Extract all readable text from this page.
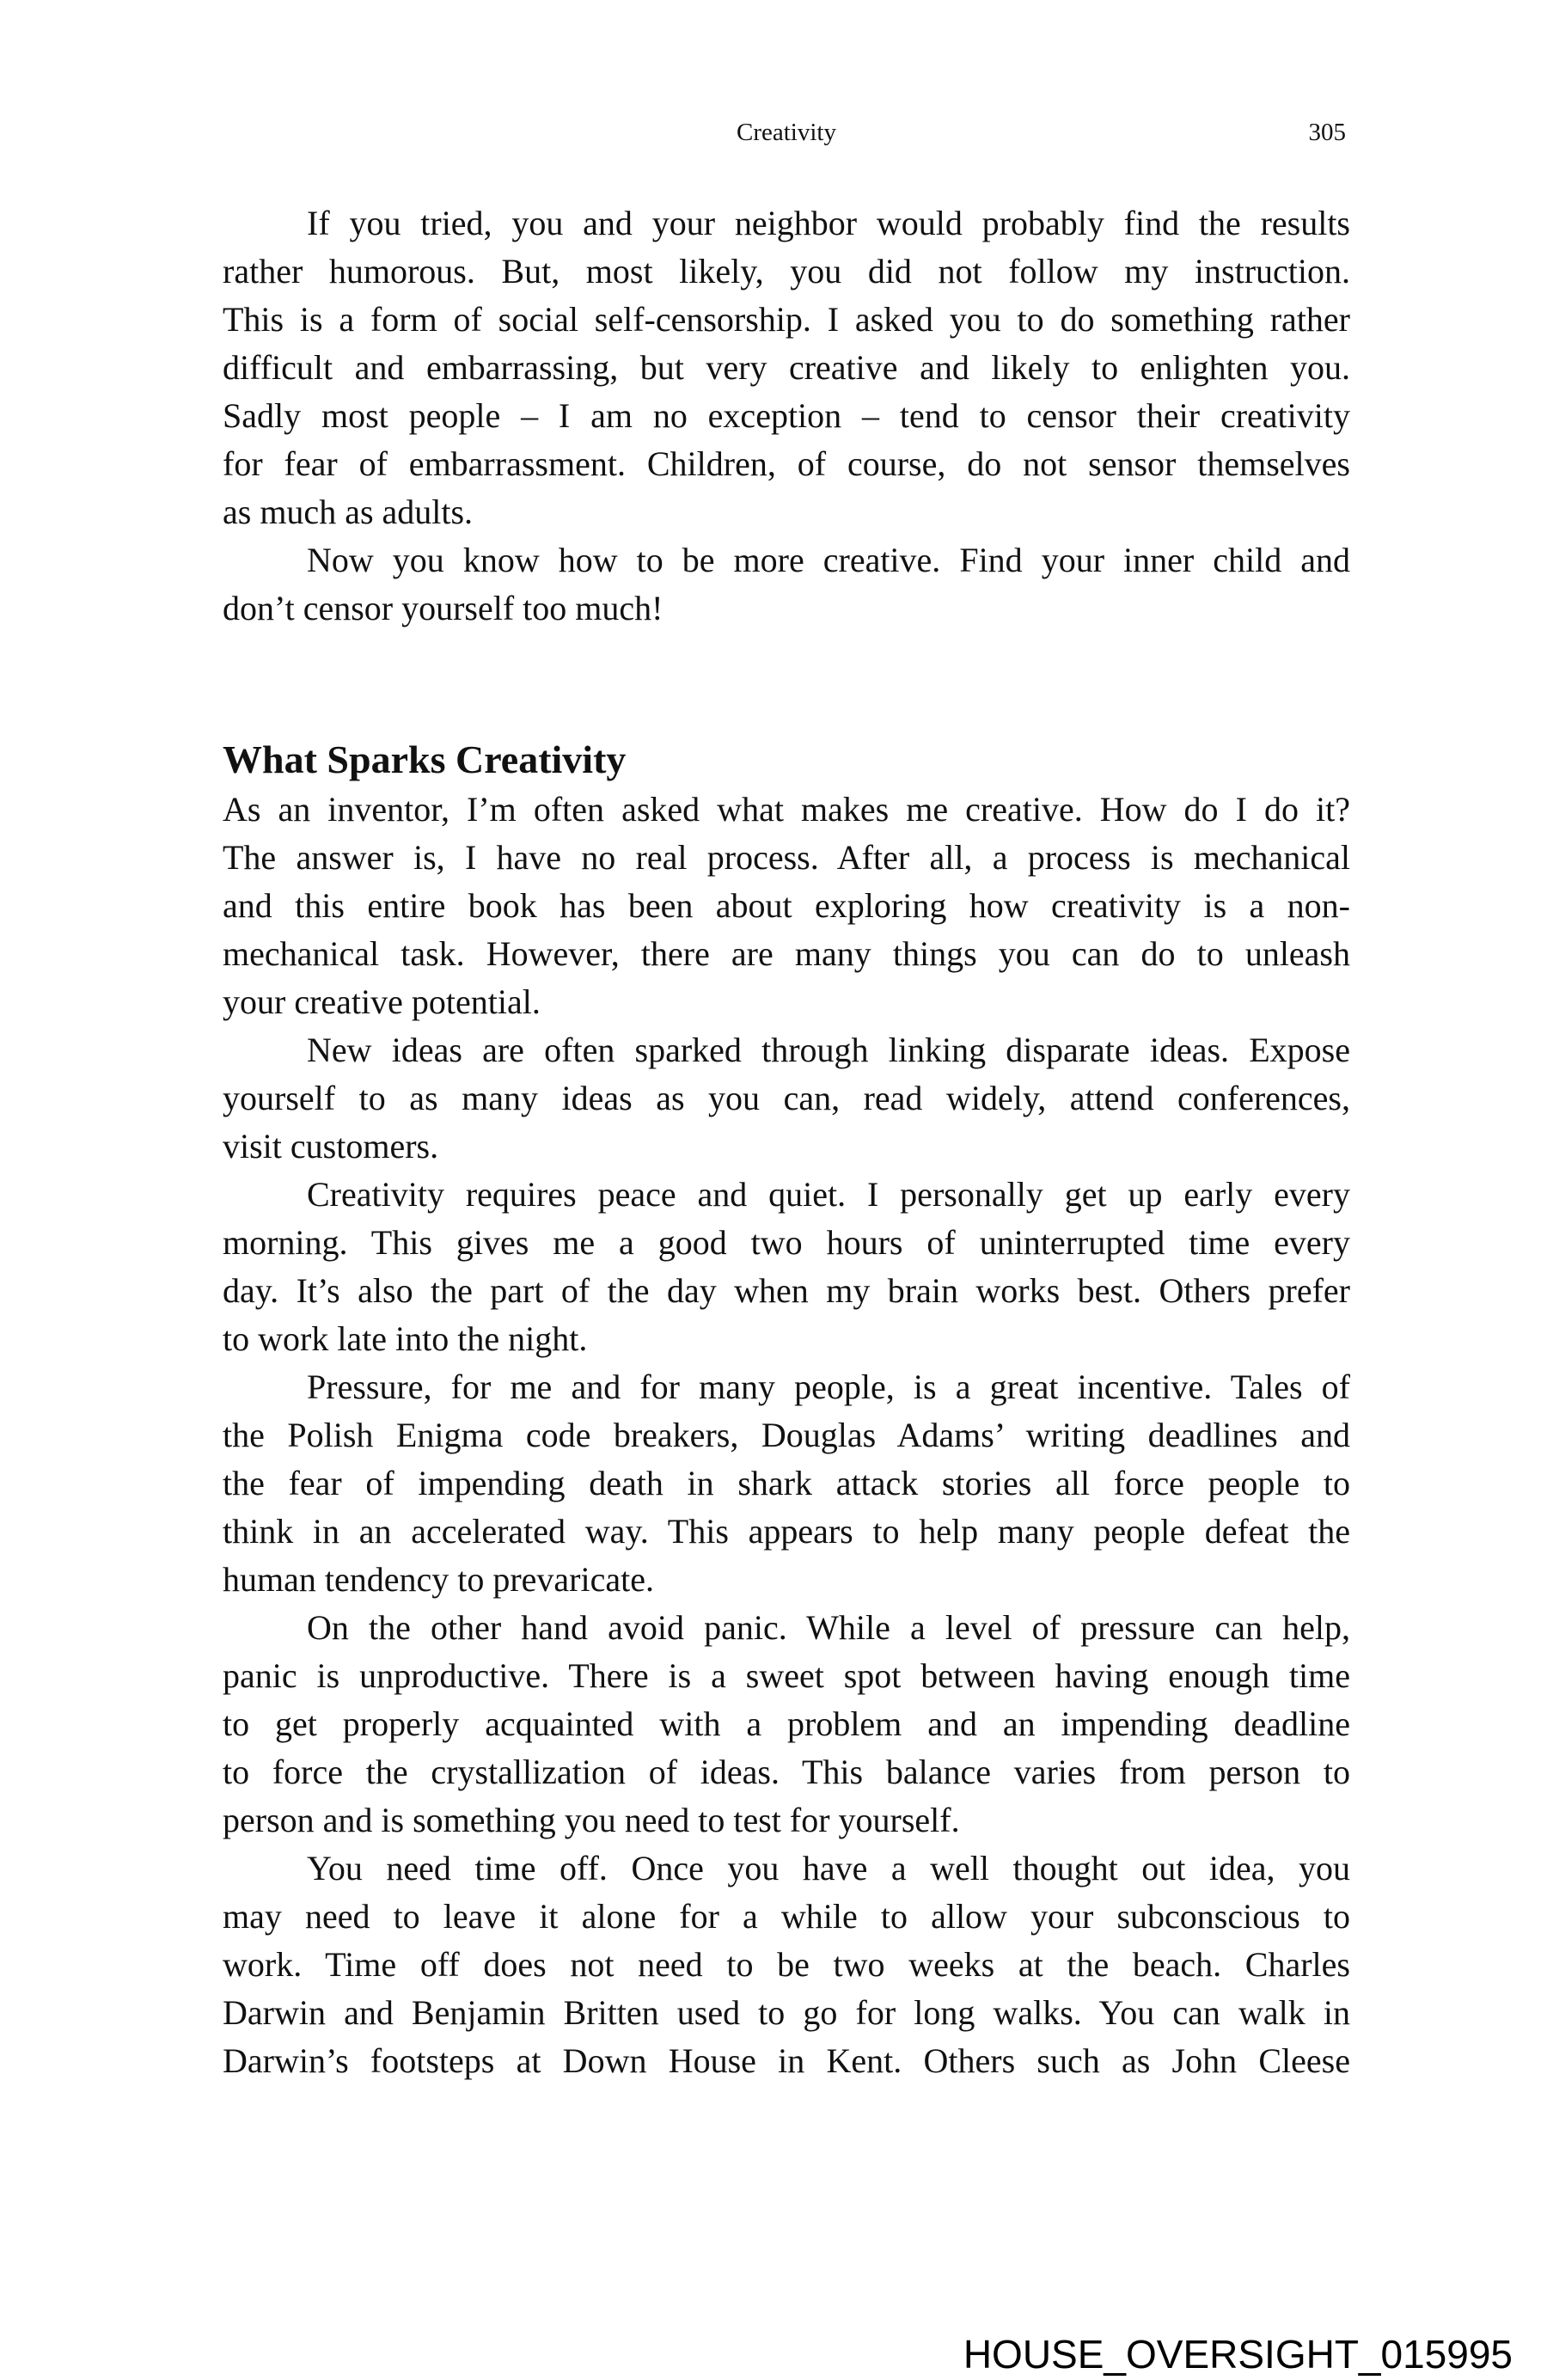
Creativity	305
If you tried, you and your neighbor would probably find the results
rather humorous. But, most likely, you did not follow my instruction.
This is a form of social self-censorship. I asked you to do something rather
difficult and embarrassing, but very creative and likely to enlighten you.
Sadly most people – I am no exception – tend to censor their creativity
for fear of embarrassment. Children, of course, do not sensor themselves
as much as adults.
Now you know how to be more creative. Find your inner child and
don’t censor yourself too much!
What Sparks Creativity
As an inventor, I’m often asked what makes me creative. How do I do it?
The answer is, I have no real process. After all, a process is mechanical
and this entire book has been about exploring how creativity is a non-
mechanical task. However, there are many things you can do to unleash
your creative potential.
New ideas are often sparked through linking disparate ideas. Expose
yourself to as many ideas as you can, read widely, attend conferences,
visit customers.
Creativity requires peace and quiet. I personally get up early every
morning. This gives me a good two hours of uninterrupted time every
day. It’s also the part of the day when my brain works best. Others prefer
to work late into the night.
Pressure, for me and for many people, is a great incentive. Tales of
the Polish Enigma code breakers, Douglas Adams’ writing deadlines and
the fear of impending death in shark attack stories all force people to
think in an accelerated way. This appears to help many people defeat the
human tendency to prevaricate.
On the other hand avoid panic. While a level of pressure can help,
panic is unproductive. There is a sweet spot between having enough time
to get properly acquainted with a problem and an impending deadline
to force the crystallization of ideas. This balance varies from person to
person and is something you need to test for yourself.
You need time off. Once you have a well thought out idea, you
may need to leave it alone for a while to allow your subconscious to
work. Time off does not need to be two weeks at the beach. Charles
Darwin and Benjamin Britten used to go for long walks. You can walk in
Darwin’s footsteps at Down House in Kent. Others such as John Cleese
HOUSE_OVERSIGHT_015995
